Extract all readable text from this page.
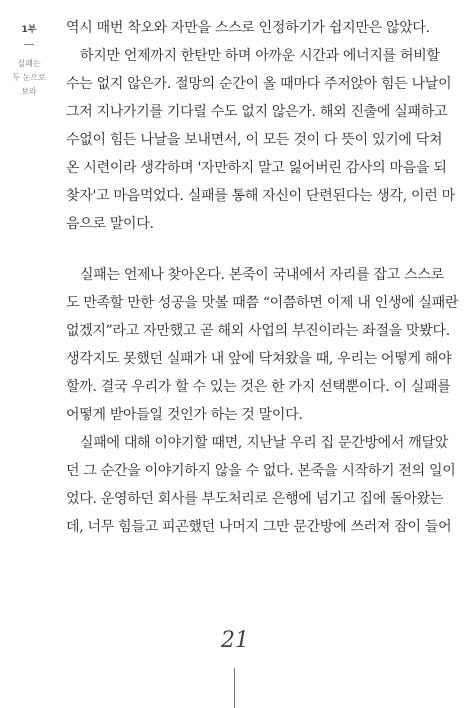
1부
실패는
두 눈으로
보라
역시 매번 착오와 자만을 스스로 인정하기가 쉽지만은 않았다.
하지만 언제까지 한탄만 하며 아까운 시간과 에너지를 허비할
수는 없지 않은가. 절망의 순간이 올 때마다 주저앉아 힘든 나날이
그저 지나가기를 기다릴 수도 없지 않은가. 해외 진출에 실패하고
수없이 힘든 나날을 보내면서, 이 모든 것이 다 뜻이 있기에 닥쳐
온 시련이라 생각하며 '자만하지 말고 잃어버린 감사의 마음을 되
찾자'고 마음먹었다. 실패를 통해 자신이 단련된다는 생각, 이런 마
음으로 말이다.
실패는 언제나 찾아온다. 본죽이 국내에서 자리를 잡고 스스로
도 만족할 만한 성공을 맛볼 때쯤 “이쯤하면 이제 내 인생에 실패란
없겠지”라고 자만했고 곧 해외 사업의 부진이라는 좌절을 맛봤다.
생각지도 못했던 실패가 내 앞에 닥쳐왔을 때, 우리는 어떻게 해야
할까. 결국 우리가 할 수 있는 것은 한 가지 선택뿐이다. 이 실패를
어떻게 받아들일 것인가 하는 것 말이다.
실패에 대해 이야기할 때면, 지난날 우리 집 문간방에서 깨달았
던 그 순간을 이야기하지 않을 수 없다. 본죽을 시작하기 전의 일이
었다. 운영하던 회사를 부도처리로 은행에 넘기고 집에 돌아왔는
데, 너무 힘들고 피곤했던 나머지 그만 문간방에 쓰러져 잠이 들어
21
